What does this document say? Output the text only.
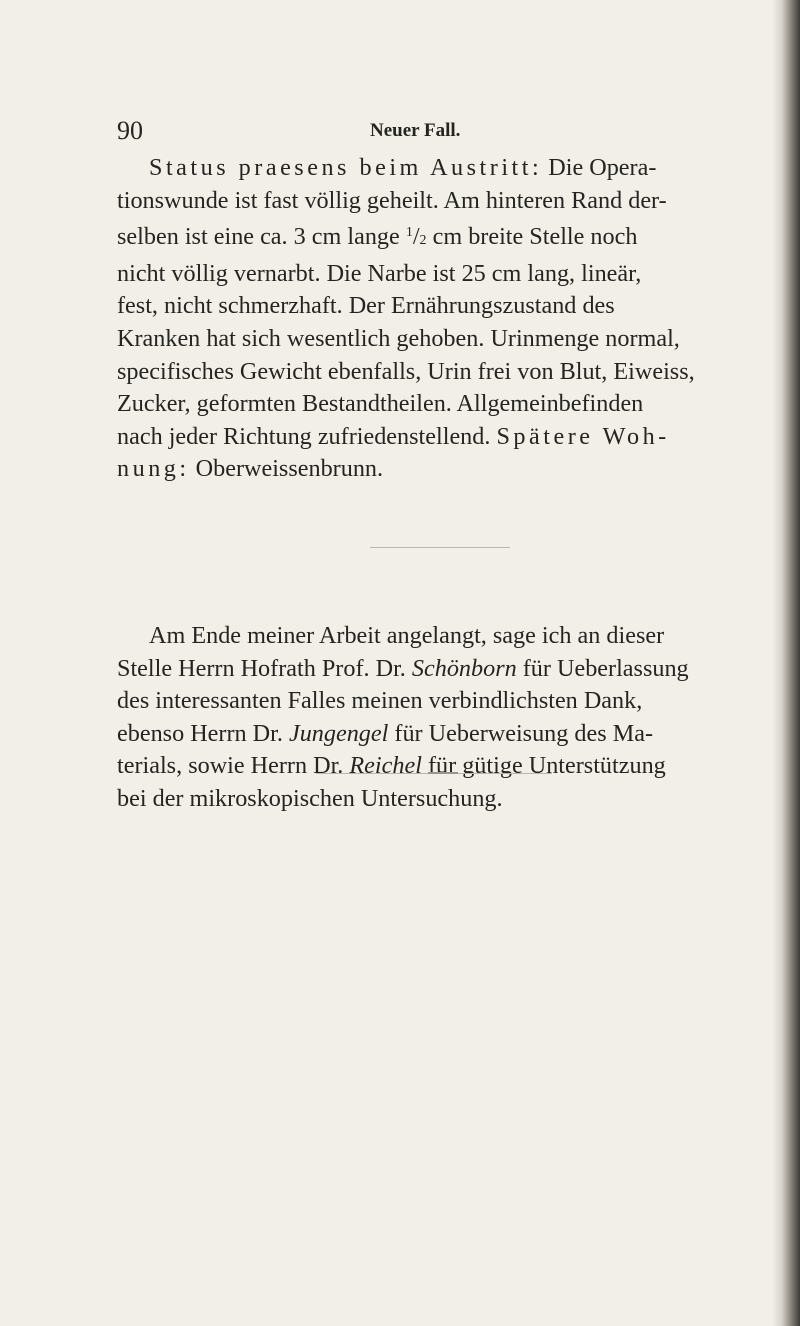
90	Neuer Fall.

Status praesens beim Austritt: Die Opera-
tionswunde ist fast völlig geheilt. Am hinteren Rand der-
selben ist eine ca. 3 cm lange $^1$/2 cm breite Stelle noch
nicht völlig vernarbt. Die Narbe ist 25 cm lang, lineär,
fest, nicht schmerzhaft. Der Ernährungszustand des
Kranken hat sich wesentlich gehoben. Urinmenge normal,
specifisches Gewicht ebenfalls, Urin frei von Blut, Eiweiss,
Zucker, geformten Bestandtheilen. Allgemeinbefinden
nach jeder Richtung zufriedenstellend. Spätere Woh-
nung: Oberweissenbrunn.

Am Ende meiner Arbeit angelangt, sage ich an dieser
Stelle Herrn Hofrath Prof. Dr. Schönborn für Ueberlassung
des interessanten Falles meinen verbindlichsten Dank,
ebenso Herrn Dr. Jungengel für Ueberweisung des Ma-
terials, sowie Herrn Dr. Reichel für gütige Unterstützung
bei der mikroskopischen Untersuchung.
